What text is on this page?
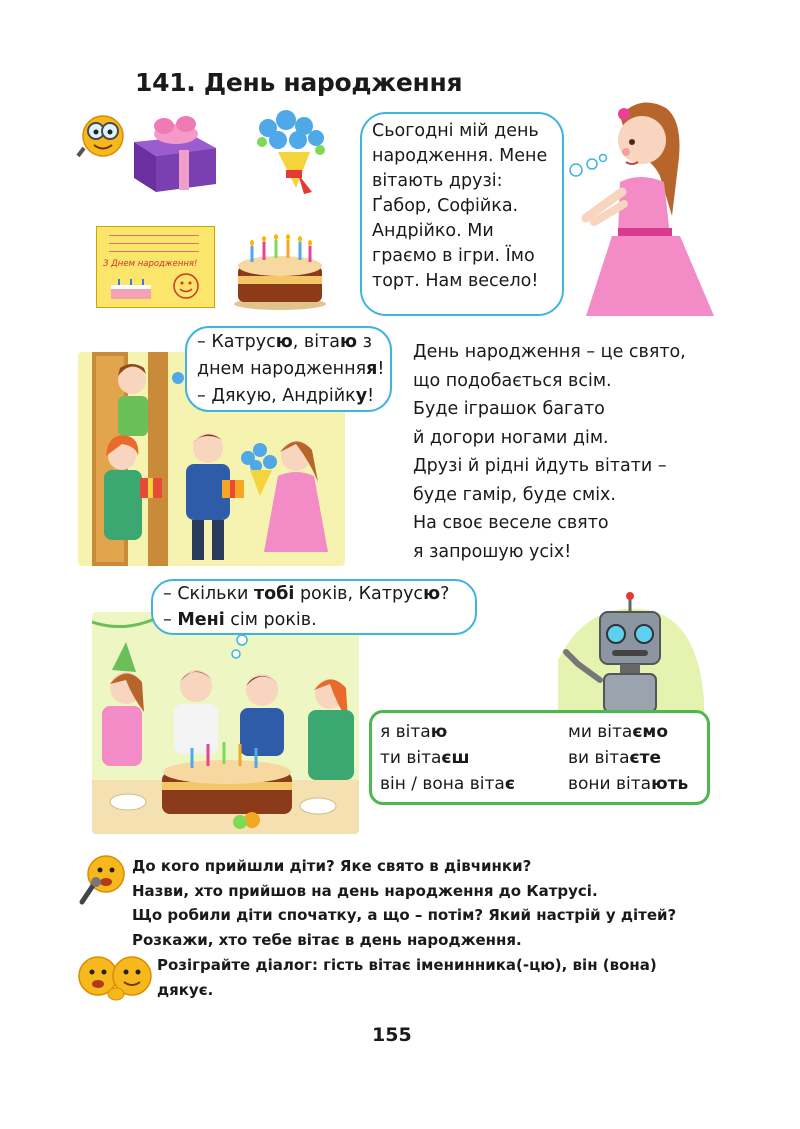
141. День народження
З Днем народження!
Сьогодні мій день
народження. Мене
вітають друзі:
Ґабор, Софійка.
Андрійко. Ми
граємо в ігри. Їмо
торт. Нам весело!
– Катрусю, вітаю з
днем народженняя!
– Дякую, Андрійку!
День народження – це свято,
що подобається всім.
Буде іграшок багато
й догори ногами дім.
Друзі й рідні йдуть вітати –
буде гамір, буде сміх.
На своє веселе свято
я запрошую усіх!
– Скільки тобі років, Катрусю?
– Мені сім років.
я вітаю	ми вітаємо
ти вітаєш	ви вітаєте
він / вона вітає	вони вітають
До кого прийшли діти? Яке свято в дівчинки?
Назви, хто прийшов на день народження до Катрусі.
Що робили діти спочатку, а що – потім? Який настрій у дітей?
Розкажи, хто тебе вітає в день народження.
Розіграйте діалог: гість вітає іменинника(-цю), він (вона) дякує.
155
